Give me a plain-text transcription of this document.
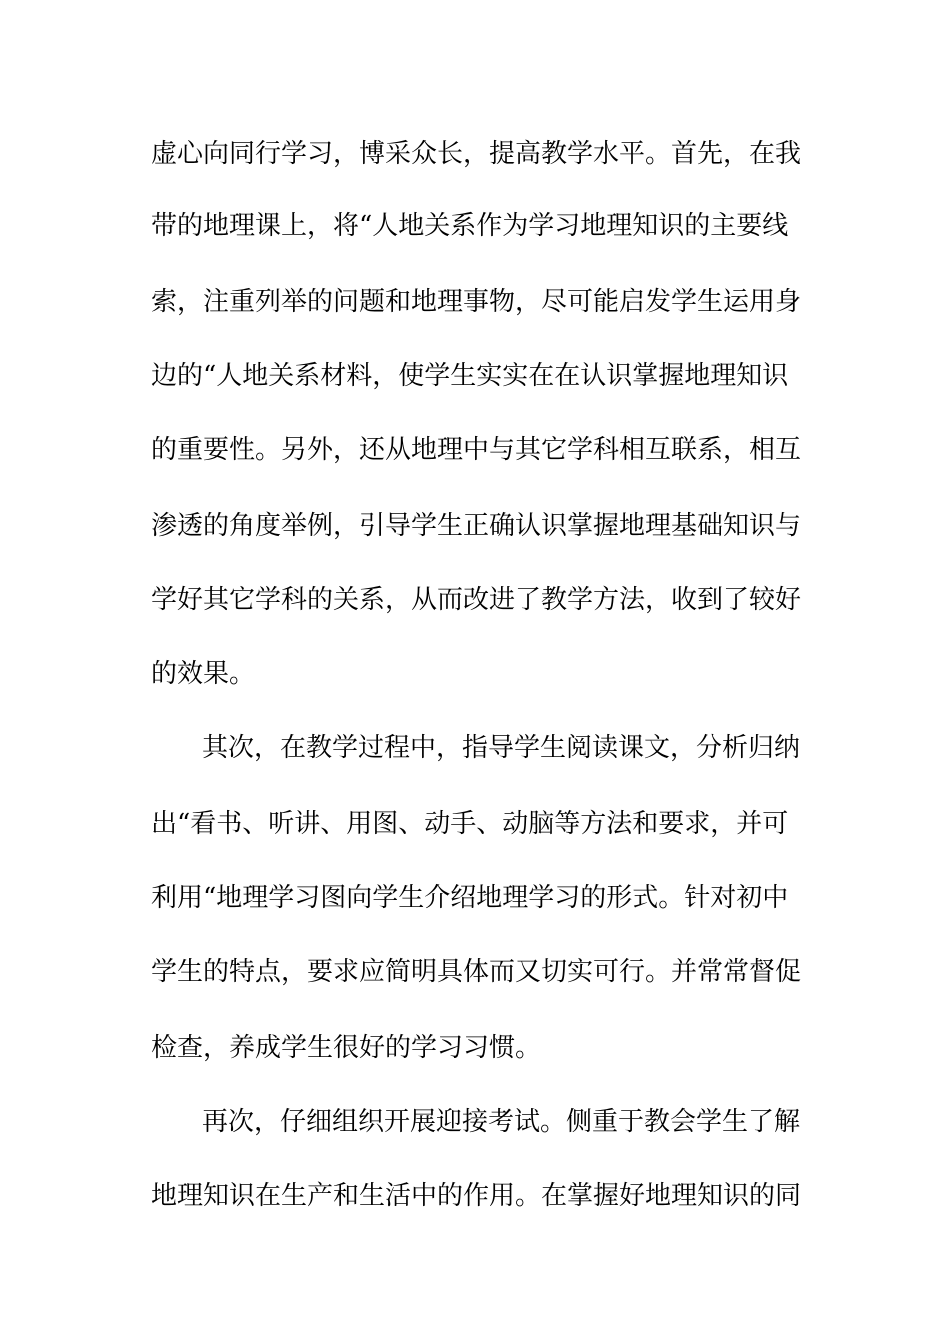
虚心向同行学习，博采众长，提高教学水平。首先，在我
带的地理课上，将“人地关系作为学习地理知识的主要线
索，注重列举的问题和地理事物，尽可能启发学生运用身
边的“人地关系材料，使学生实实在在认识掌握地理知识
的重要性。另外，还从地理中与其它学科相互联系，相互
渗透的角度举例，引导学生正确认识掌握地理基础知识与
学好其它学科的关系，从而改进了教学方法，收到了较好
的效果。
其次，在教学过程中，指导学生阅读课文，分析归纳
出“看书、听讲、用图、动手、动脑等方法和要求，并可
利用“地理学习图向学生介绍地理学习的形式。针对初中
学生的特点，要求应简明具体而又切实可行。并常常督促
检查，养成学生很好的学习习惯。
再次，仔细组织开展迎接考试。侧重于教会学生了解
地理知识在生产和生活中的作用。在掌握好地理知识的同
